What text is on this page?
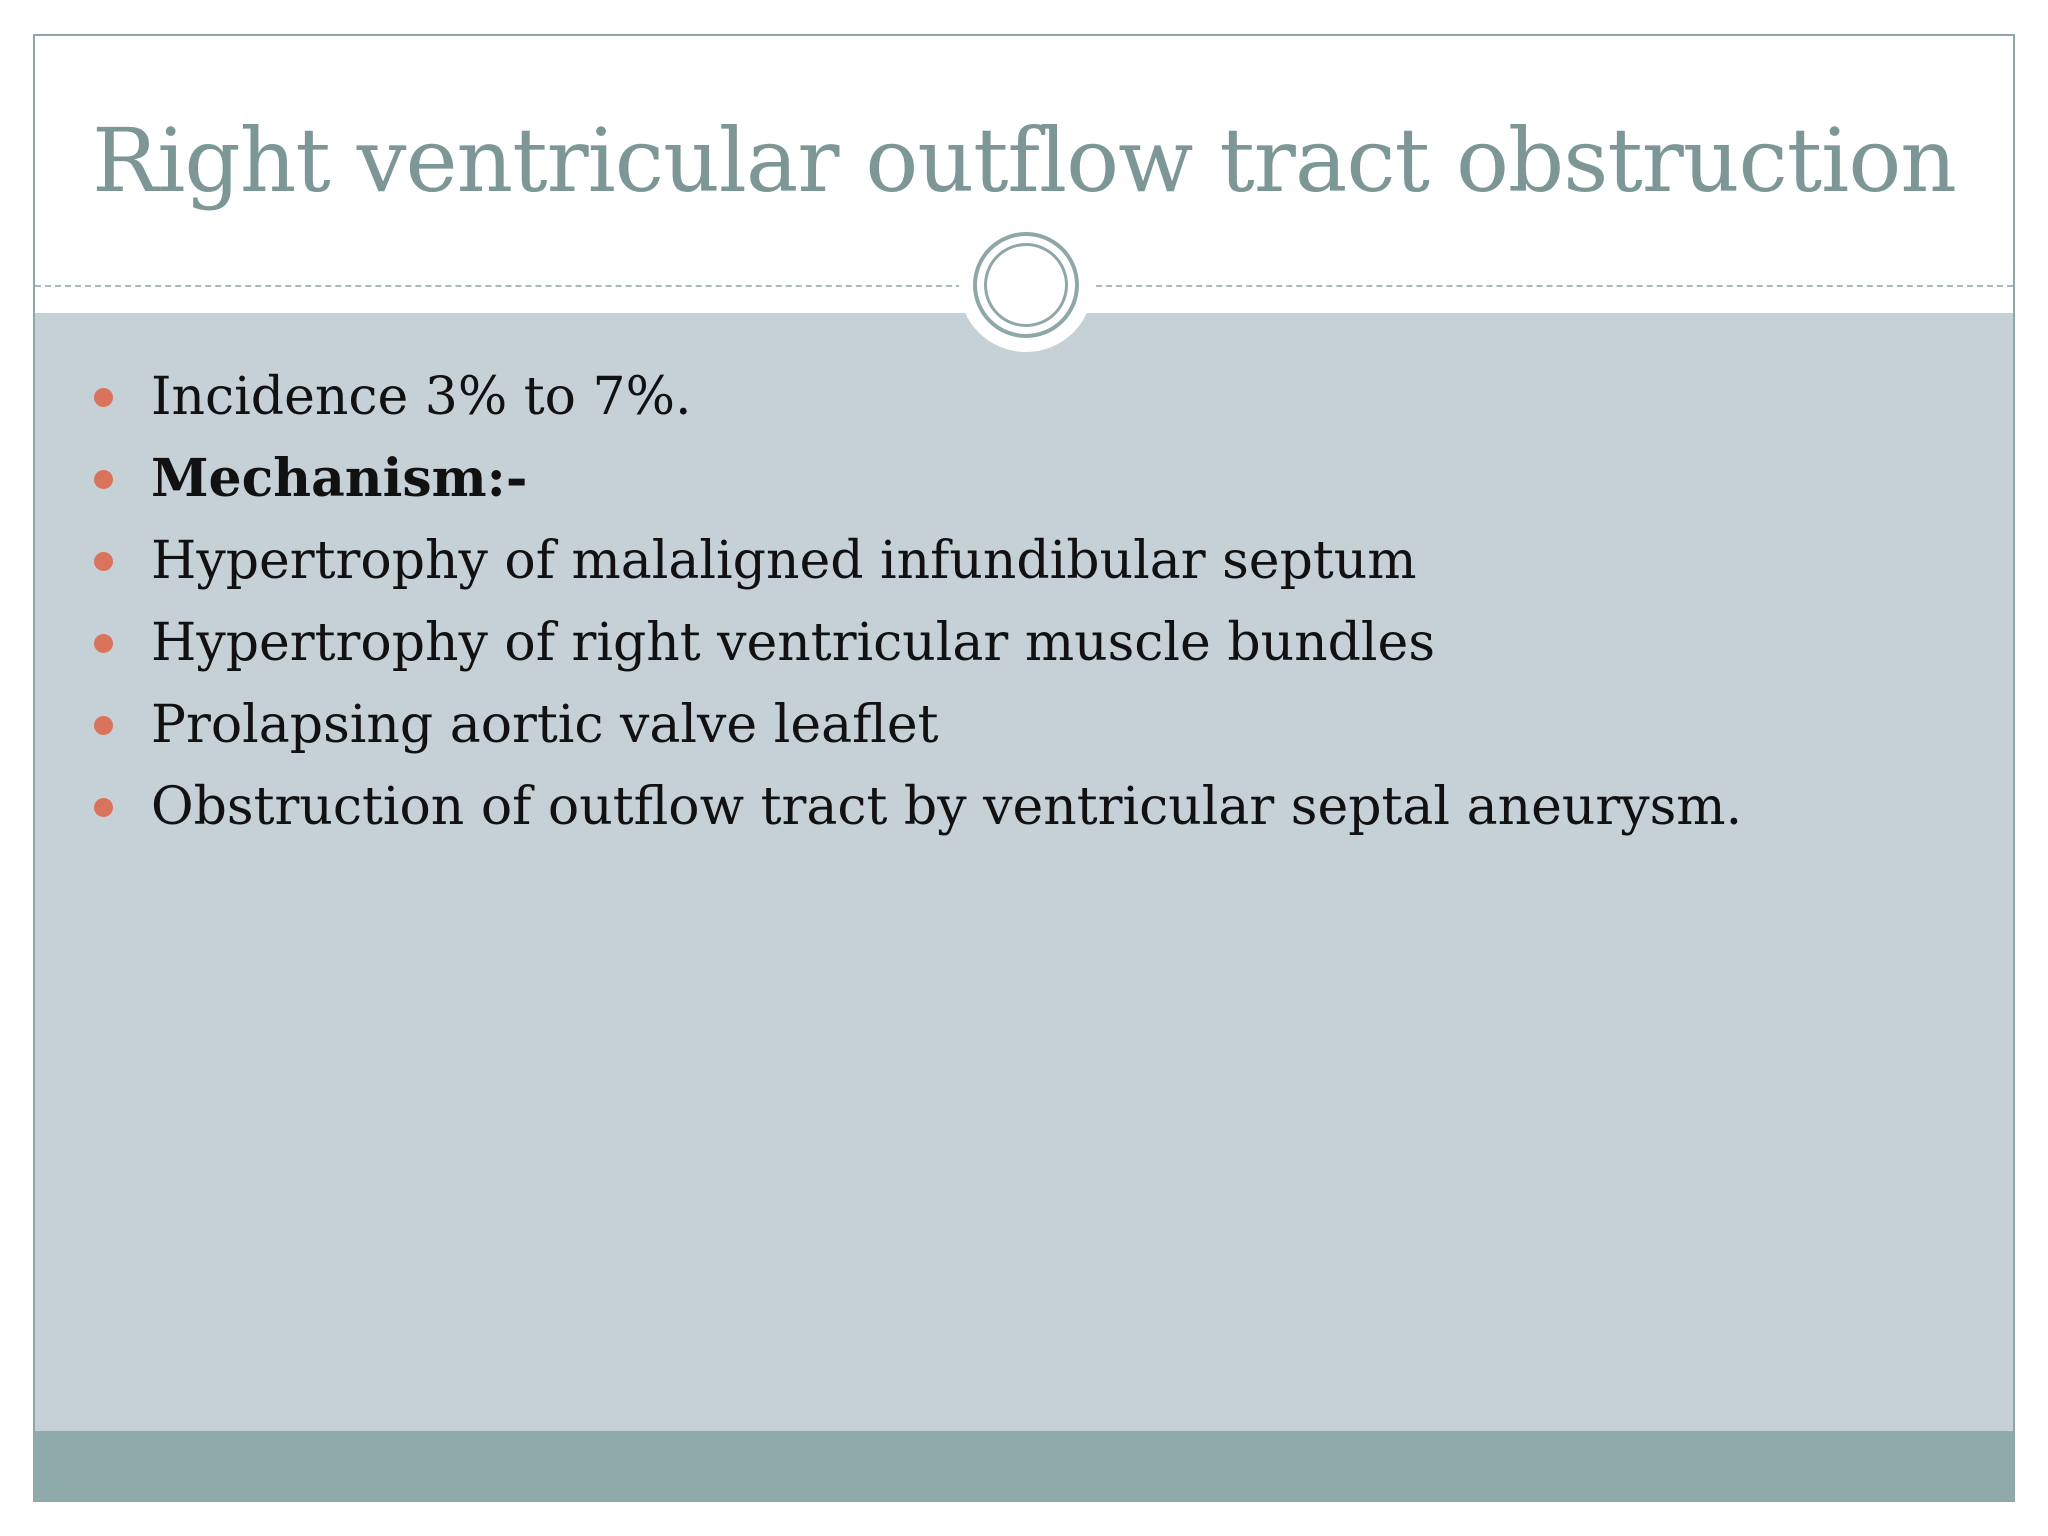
Right ventricular outflow tract obstruction
Incidence 3% to 7%.
Mechanism:-
Hypertrophy of malaligned infundibular septum
Hypertrophy of right ventricular muscle bundles
Prolapsing aortic valve leaflet
Obstruction of outflow tract by ventricular septal aneurysm.
